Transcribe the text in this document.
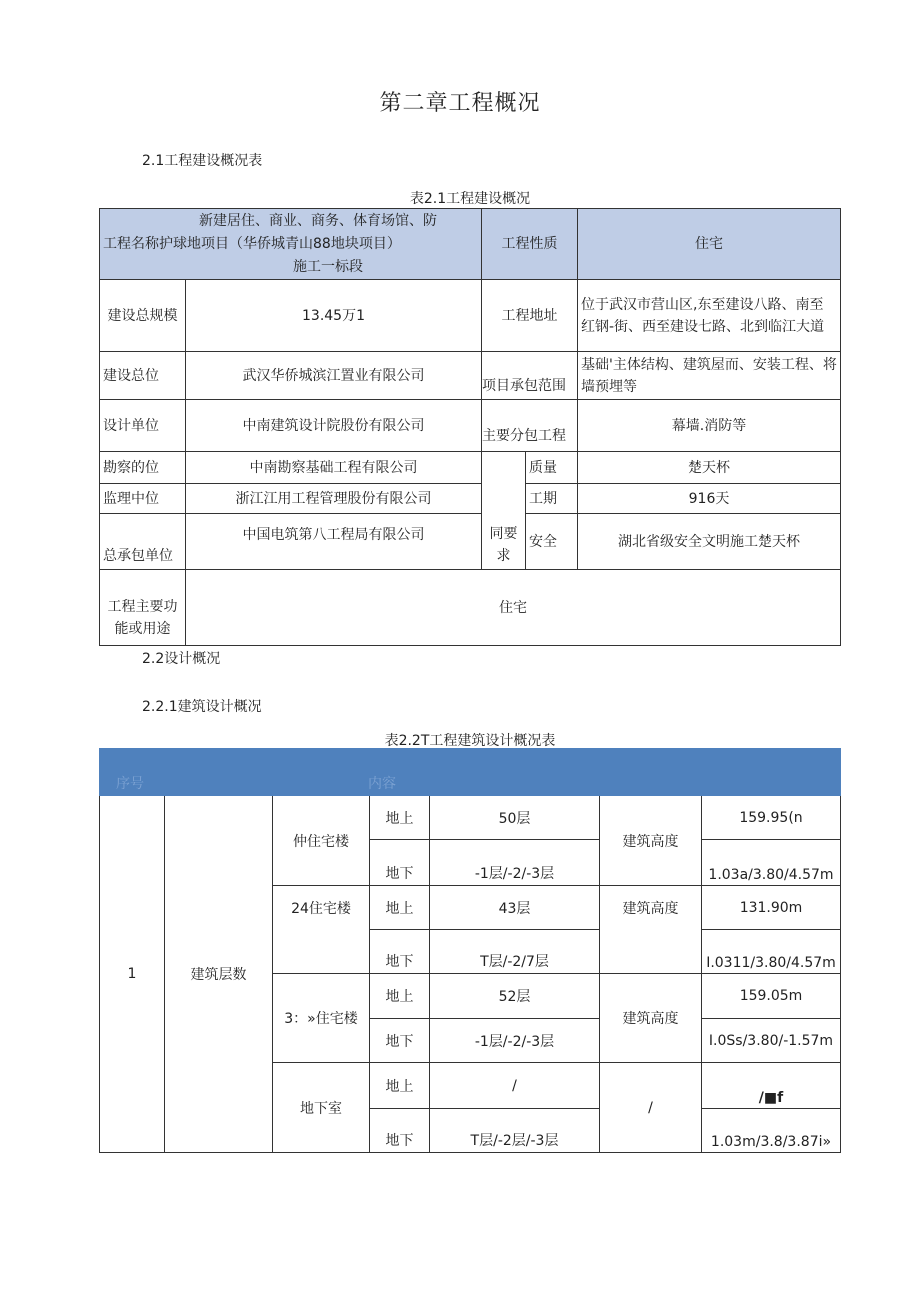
第二章工程概况
2.1工程建设概况表
表2.1工程建设概况
新建居住、商业、商务、体育场馆、防
工程名称护球地项目（华侨城青山88地块项目）
施工一标段		工程性质		住宅
建设总规模	13.45万1	工程地址		位于武汉市营山区,东至建设八路、南至红钢-街、西至建设七路、北到临江大道
建设总位	武汉华侨城滨江置业有限公司	项目承包范围		基础'主体结构、建筑屋而、安装工程、将墙预埋等
设计单位	中南建筑设计院股份有限公司	主要分包工程		幕墙.消防等
勘察的位	中南勘察基础工程有限公司	同要求	质量	楚天杯
监理中位	浙江江用工程管理股份有限公司		工期	916天
总承包单位	中国电筑第八工程局有限公司		安全	湖北省级安全文明施工楚天杯
工程主要功能或用途	住宅			
2.2设计概况
2.2.1建筑设计概况
表2.2T工程建筑设计概况表
序号	内容					
1	建筑层数	仲住宅楼	地上	50层	建筑高度	159.95(n
			地下	-1层/-2/-3层		1.03a/3.80/4.57m
		24住宅楼	地上	43层	建筑高度	131.90m
			地下	T层/-2/7层		I.0311/3.80/4.57m
		3：»住宅楼	地上	52层	建筑高度	159.05m
			地下	-1层/-2/-3层		I.0Ss/3.80/-1.57m
		地下室	地上	/	/	/■f
			地下	T层/-2层/-3层		1.03m/3.8/3.87i»
